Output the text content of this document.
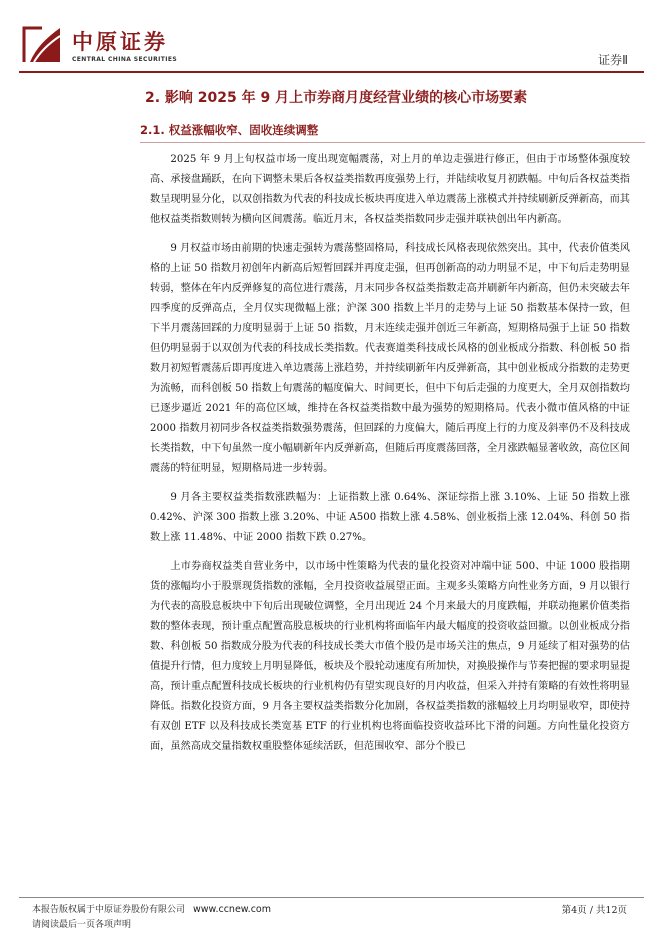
中原证券
CENTRAL CHINA SECURITIES	证券Ⅱ
2. 影响 2025 年 9 月上市券商月度经营业绩的核心市场要素
2.1. 权益涨幅收窄、固收连续调整

2025 年 9 月上旬权益市场一度出现宽幅震荡，对上月的单边走强进行修正，但由于市场整体强度较高、承接盘踊跃，在向下调整未果后各权益类指数再度强势上行，并陆续收复月初跌幅。中旬后各权益类指数呈现明显分化，以双创指数为代表的科技成长板块再度进入单边震荡上涨模式并持续刷新反弹新高，而其他权益类指数则转为横向区间震荡。临近月末，各权益类指数同步走强并联袂创出年内新高。

9 月权益市场由前期的快速走强转为震荡整固格局，科技成长风格表现依然突出。其中，代表价值类风格的上证 50 指数月初创年内新高后短暂回踩并再度走强，但再创新高的动力明显不足，中下旬后走势明显转弱，整体在年内反弹修复的高位进行震荡，月末同步各权益类指数走高并刷新年内新高，但仍未突破去年四季度的反弹高点，全月仅实现微幅上涨；沪深 300 指数上半月的走势与上证 50 指数基本保持一致，但下半月震荡回踩的力度明显弱于上证 50 指数，月末连续走强并创近三年新高，短期格局强于上证 50 指数但仍明显弱于以双创为代表的科技成长类指数。代表赛道类科技成长风格的创业板成分指数、科创板 50 指数月初短暂震荡后即再度进入单边震荡上涨趋势，并持续刷新年内反弹新高，其中创业板成分指数的走势更为流畅，而科创板 50 指数上旬震荡的幅度偏大、时间更长，但中下旬后走强的力度更大，全月双创指数均已逐步逼近 2021 年的高位区域，维持在各权益类指数中最为强势的短期格局。代表小微市值风格的中证 2000 指数月初同步各权益类指数强势震荡，但回踩的力度偏大，随后再度上行的力度及斜率仍不及科技成长类指数，中下旬虽然一度小幅刷新年内反弹新高，但随后再度震荡回落，全月涨跌幅显著收敛，高位区间震荡的特征明显，短期格局进一步转弱。

9 月各主要权益类指数涨跌幅为：上证指数上涨 0.64%、深证综指上涨 3.10%、上证 50 指数上涨 0.42%、沪深 300 指数上涨 3.20%、中证 A500 指数上涨 4.58%、创业板指上涨 12.04%、科创 50 指数上涨 11.48%、中证 2000 指数下跌 0.27%。

上市券商权益类自营业务中，以市场中性策略为代表的量化投资对冲端中证 500、中证 1000 股指期货的涨幅均小于股票现货指数的涨幅，全月投资收益展望正面。主观多头策略方向性业务方面，9 月以银行为代表的高股息板块中下旬后出现破位调整，全月出现近 24 个月来最大的月度跌幅，并联动拖累价值类指数的整体表现，预计重点配置高股息板块的行业机构将面临年内最大幅度的投资收益回撤。以创业板成分指数、科创板 50 指数成分股为代表的科技成长类大市值个股仍是市场关注的焦点，9 月延续了相对强势的估值提升行情，但力度较上月明显降低，板块及个股轮动速度有所加快，对换股操作与节奏把握的要求明显提高，预计重点配置科技成长板块的行业机构仍有望实现良好的月内收益，但采入并持有策略的有效性将明显降低。指数化投资方面，9 月各主要权益类指数分化加剧，各权益类指数的涨幅较上月均明显收窄，即使持有双创 ETF 以及科技成长类宽基 ETF 的行业机构也将面临投资收益环比下滑的问题。方向性量化投资方面，虽然高成交量指数权重股整体延续活跃，但范围收窄、部分个股已

本报告版权属于中原证券股份有限公司 www.ccnew.com
请阅读最后一页各项声明
第4页 / 共12页
